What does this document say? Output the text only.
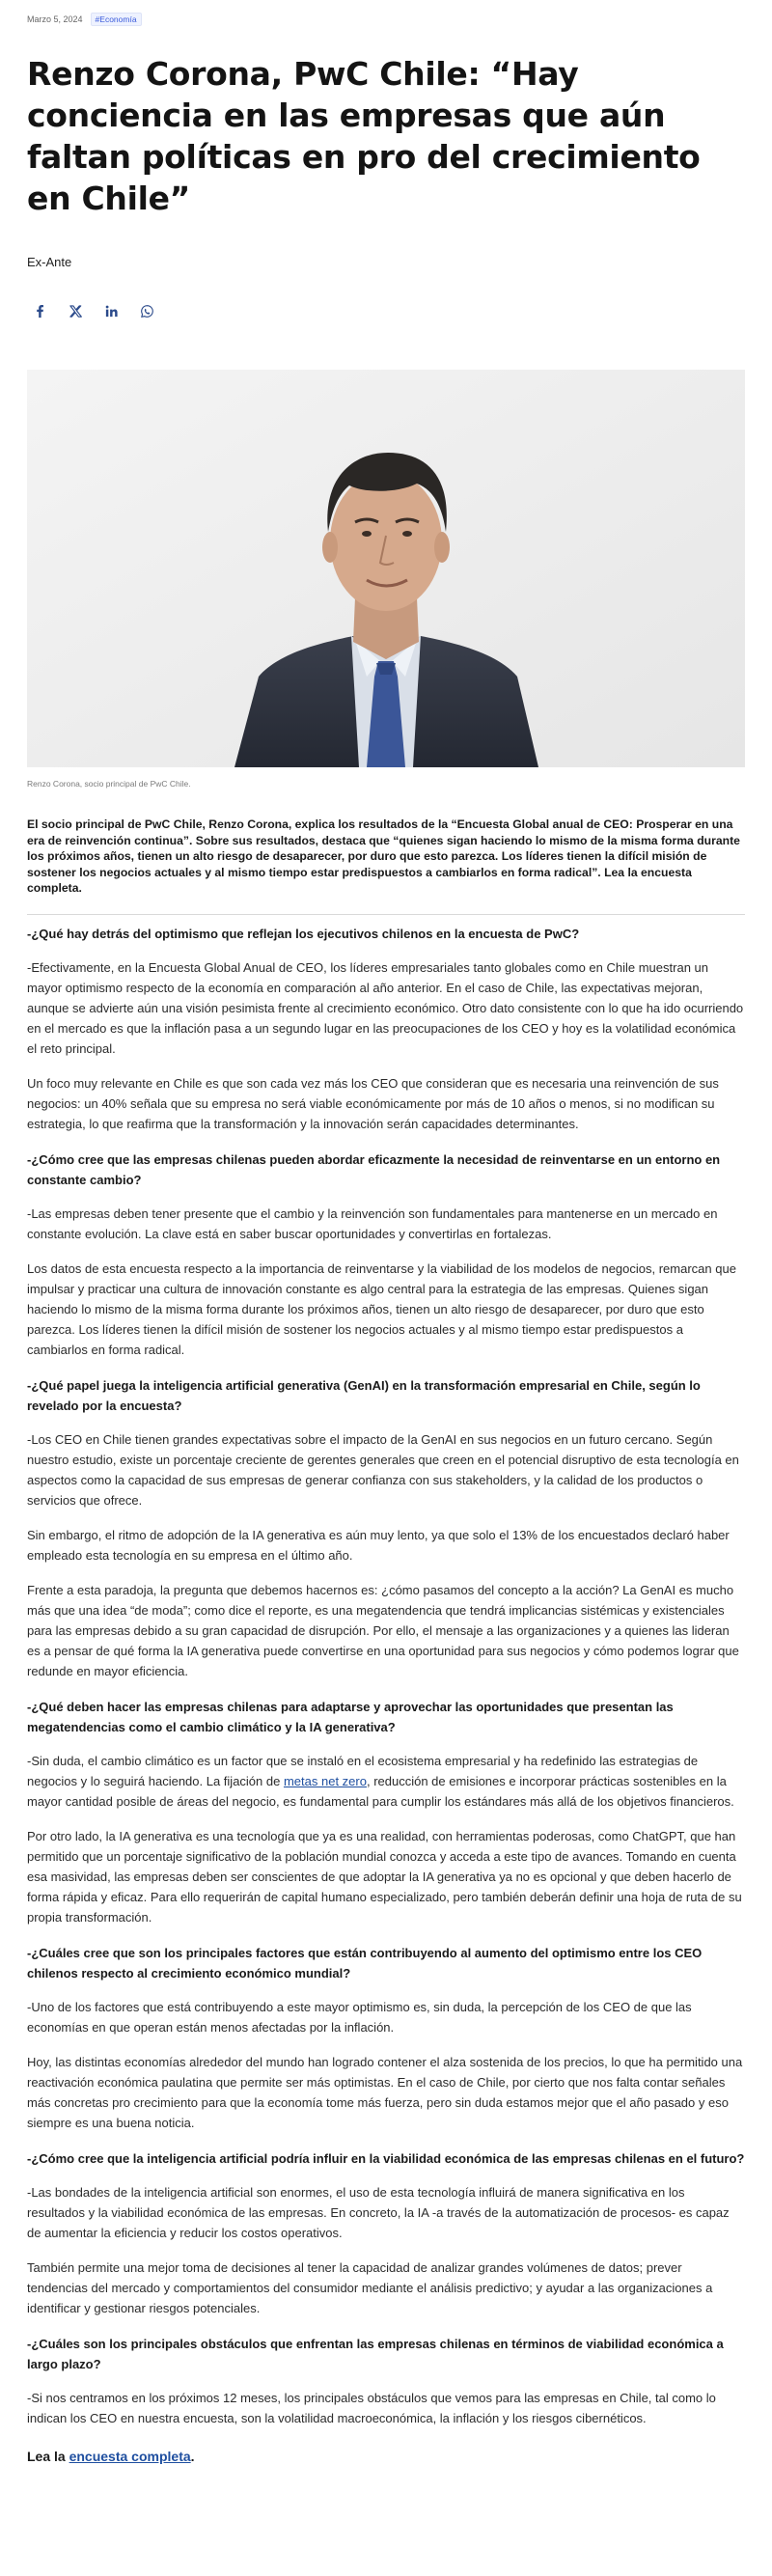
Marzo 5, 2024	#Economía
Renzo Corona, PwC Chile: “Hay conciencia en las empresas que aún faltan políticas en pro del crecimiento en Chile”
Ex-Ante
Renzo Corona, socio principal de PwC Chile.

El socio principal de PwC Chile, Renzo Corona, explica los resultados de la “Encuesta Global anual de CEO: Prosperar en una era de reinvención continua”. Sobre sus resultados, destaca que “quienes sigan haciendo lo mismo de la misma forma durante los próximos años, tienen un alto riesgo de desaparecer, por duro que esto parezca. Los líderes tienen la difícil misión de sostener los negocios actuales y al mismo tiempo estar predispuestos a cambiarlos en forma radical”. Lea la encuesta completa.

-¿Qué hay detrás del optimismo que reflejan los ejecutivos chilenos en la encuesta de PwC?

-Efectivamente, en la Encuesta Global Anual de CEO, los líderes empresariales tanto globales como en Chile muestran un mayor optimismo respecto de la economía en comparación al año anterior. En el caso de Chile, las expectativas mejoran, aunque se advierte aún una visión pesimista frente al crecimiento económico. Otro dato consistente con lo que ha ido ocurriendo en el mercado es que la inflación pasa a un segundo lugar en las preocupaciones de los CEO y hoy es la volatilidad económica el reto principal.

Un foco muy relevante en Chile es que son cada vez más los CEO que consideran que es necesaria una reinvención de sus negocios: un 40% señala que su empresa no será viable económicamente por más de 10 años o menos, si no modifican su estrategia, lo que reafirma que la transformación y la innovación serán capacidades determinantes.

-¿Cómo cree que las empresas chilenas pueden abordar eficazmente la necesidad de reinventarse en un entorno en constante cambio?

-Las empresas deben tener presente que el cambio y la reinvención son fundamentales para mantenerse en un mercado en constante evolución. La clave está en saber buscar oportunidades y convertirlas en fortalezas.

Los datos de esta encuesta respecto a la importancia de reinventarse y la viabilidad de los modelos de negocios, remarcan que impulsar y practicar una cultura de innovación constante es algo central para la estrategia de las empresas. Quienes sigan haciendo lo mismo de la misma forma durante los próximos años, tienen un alto riesgo de desaparecer, por duro que esto parezca. Los líderes tienen la difícil misión de sostener los negocios actuales y al mismo tiempo estar predispuestos a cambiarlos en forma radical.

-¿Qué papel juega la inteligencia artificial generativa (GenAI) en la transformación empresarial en Chile, según lo revelado por la encuesta?

-Los CEO en Chile tienen grandes expectativas sobre el impacto de la GenAI en sus negocios en un futuro cercano. Según nuestro estudio, existe un porcentaje creciente de gerentes generales que creen en el potencial disruptivo de esta tecnología en aspectos como la capacidad de sus empresas de generar confianza con sus stakeholders, y la calidad de los productos o servicios que ofrece.

Sin embargo, el ritmo de adopción de la IA generativa es aún muy lento, ya que solo el 13% de los encuestados declaró haber empleado esta tecnología en su empresa en el último año.

Frente a esta paradoja, la pregunta que debemos hacernos es: ¿cómo pasamos del concepto a la acción? La GenAI es mucho más que una idea “de moda”; como dice el reporte, es una megatendencia que tendrá implicancias sistémicas y existenciales para las empresas debido a su gran capacidad de disrupción. Por ello, el mensaje a las organizaciones y a quienes las lideran es a pensar de qué forma la IA generativa puede convertirse en una oportunidad para sus negocios y cómo podemos lograr que redunde en mayor eficiencia.

-¿Qué deben hacer las empresas chilenas para adaptarse y aprovechar las oportunidades que presentan las megatendencias como el cambio climático y la IA generativa?

-Sin duda, el cambio climático es un factor que se instaló en el ecosistema empresarial y ha redefinido las estrategias de negocios y lo seguirá haciendo. La fijación de metas net zero, reducción de emisiones e incorporar prácticas sostenibles en la mayor cantidad posible de áreas del negocio, es fundamental para cumplir los estándares más allá de los objetivos financieros.

Por otro lado, la IA generativa es una tecnología que ya es una realidad, con herramientas poderosas, como ChatGPT, que han permitido que un porcentaje significativo de la población mundial conozca y acceda a este tipo de avances. Tomando en cuenta esa masividad, las empresas deben ser conscientes de que adoptar la IA generativa ya no es opcional y que deben hacerlo de forma rápida y eficaz. Para ello requerirán de capital humano especializado, pero también deberán definir una hoja de ruta de su propia transformación.

-¿Cuáles cree que son los principales factores que están contribuyendo al aumento del optimismo entre los CEO chilenos respecto al crecimiento económico mundial?

-Uno de los factores que está contribuyendo a este mayor optimismo es, sin duda, la percepción de los CEO de que las economías en que operan están menos afectadas por la inflación.

Hoy, las distintas economías alrededor del mundo han logrado contener el alza sostenida de los precios, lo que ha permitido una reactivación económica paulatina que permite ser más optimistas. En el caso de Chile, por cierto que nos falta contar señales más concretas pro crecimiento para que la economía tome más fuerza, pero sin duda estamos mejor que el año pasado y eso siempre es una buena noticia.

-¿Cómo cree que la inteligencia artificial podría influir en la viabilidad económica de las empresas chilenas en el futuro?

-Las bondades de la inteligencia artificial son enormes, el uso de esta tecnología influirá de manera significativa en los resultados y la viabilidad económica de las empresas. En concreto, la IA -a través de la automatización de procesos- es capaz de aumentar la eficiencia y reducir los costos operativos.

También permite una mejor toma de decisiones al tener la capacidad de analizar grandes volúmenes de datos; prever tendencias del mercado y comportamientos del consumidor mediante el análisis predictivo; y ayudar a las organizaciones a identificar y gestionar riesgos potenciales.

-¿Cuáles son los principales obstáculos que enfrentan las empresas chilenas en términos de viabilidad económica a largo plazo?

-Si nos centramos en los próximos 12 meses, los principales obstáculos que vemos para las empresas en Chile, tal como lo indican los CEO en nuestra encuesta, son la volatilidad macroeconómica, la inflación y los riesgos cibernéticos.

Lea la encuesta completa.
